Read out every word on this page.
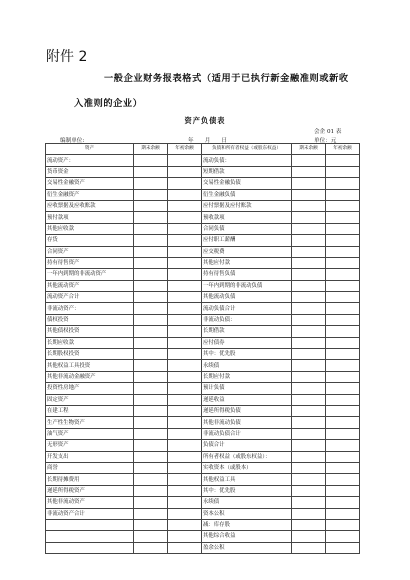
附件 2
一般企业财务报表格式（适用于已执行新金融准则或新收
入准则的企业）
资产负债表
会企 01 表
编制单位:	_____年____月____日	单位：元
资产	期末余额	年初余额	负债和所有者权益（或股东权益）	期末余额	年初余额
流动资产：			流动负债：		
货币资金			短期借款		
交易性金融资产			交易性金融负债		
衍生金融资产			衍生金融负债		
应收票据及应收账款			应付票据及应付账款		
预付款项			预收款项		
其他应收款			合同负债		
存货			应付职工薪酬		
合同资产			应交税费		
持有待售资产			其他应付款		
一年内到期的非流动资产			持有待售负债		
其他流动资产			一年内到期的非流动负债		
流动资产合计			其他流动负债		
非流动资产：			流动负债合计		
债权投资			非流动负债：		
其他债权投资			长期借款		
长期应收款			应付债券		
长期股权投资			其中：优先股		
其他权益工具投资			永续债		
其他非流动金融资产			长期应付款		
投资性房地产			预计负债		
固定资产			递延收益		
在建工程			递延所得税负债		
生产性生物资产			其他非流动负债		
油气资产			非流动负债合计		
无形资产			负债合计		
开发支出			所有者权益（或股东权益）：		
商誉			实收资本（或股本）		
长期待摊费用			其他权益工具		
递延所得税资产			其中：优先股		
其他非流动资产			永续债		
非流动资产合计			资本公积		
			减：库存股		
			其他综合收益		
			盈余公积		
